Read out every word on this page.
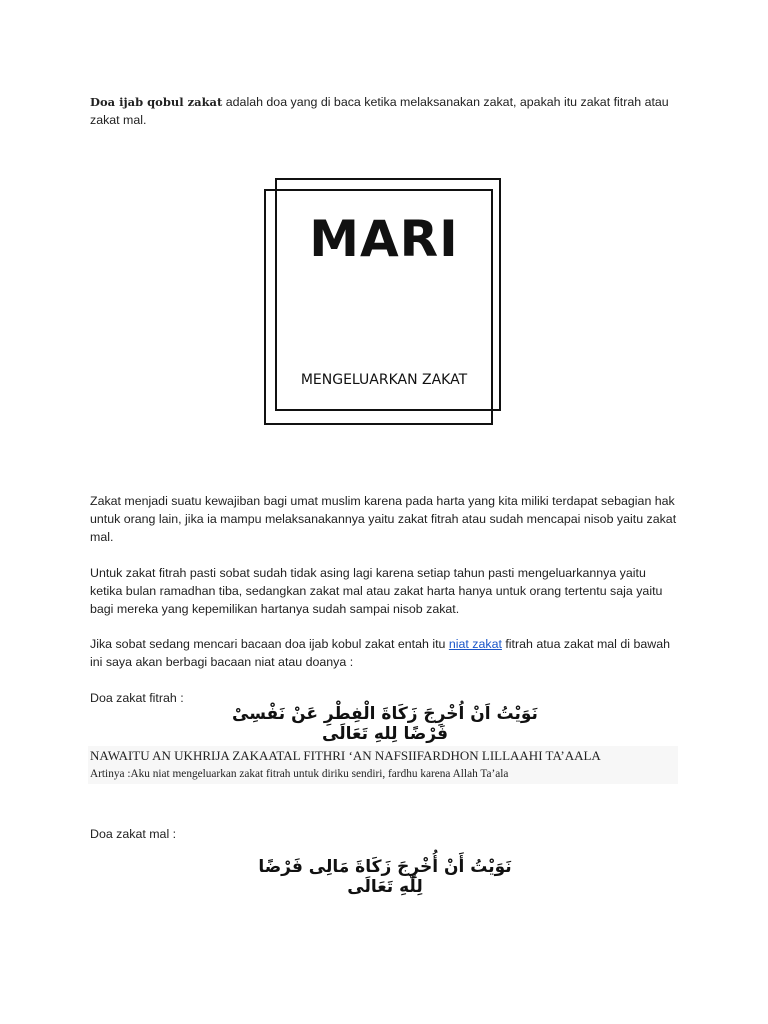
Doa ijab qobul zakat adalah doa yang di baca ketika melaksanakan zakat, apakah itu zakat fitrah atau zakat mal.

MARI
MENGELUARKAN ZAKAT

Zakat menjadi suatu kewajiban bagi umat muslim karena pada harta yang kita miliki terdapat sebagian hak untuk orang lain, jika ia mampu melaksanakannya yaitu zakat fitrah atau sudah mencapai nisob yaitu zakat mal.

Untuk zakat fitrah pasti sobat sudah tidak asing lagi karena setiap tahun pasti mengeluarkannya yaitu ketika bulan ramadhan tiba, sedangkan zakat mal atau zakat harta hanya untuk orang tertentu saja yaitu bagi mereka yang kepemilikan hartanya sudah sampai nisob zakat.

Jika sobat sedang mencari bacaan doa ijab kobul zakat entah itu niat zakat fitrah atua zakat mal di bawah ini saya akan berbagi bacaan niat atau doanya :

Doa zakat fitrah :

نَوَيْتُ اَنْ اُخْرِجَ زَكَاةَ الْفِطْرِ عَنْ نَفْسِىْ فَرْضًا لِلهِ تَعَالَى

NAWAITU AN UKHRIJA ZAKAATAL FITHRI ‘AN NAFSIIFARDHON LILLAAHI TA’AALA

Artinya :Aku niat mengeluarkan zakat fitrah untuk diriku sendiri, fardhu karena Allah Ta’ala

Doa zakat mal :

نَوَيْتُ أَنْ أُخْرِجَ زَكَاةَ مَالِى فَرْضًا لِلّٰهِ تَعَالَى
